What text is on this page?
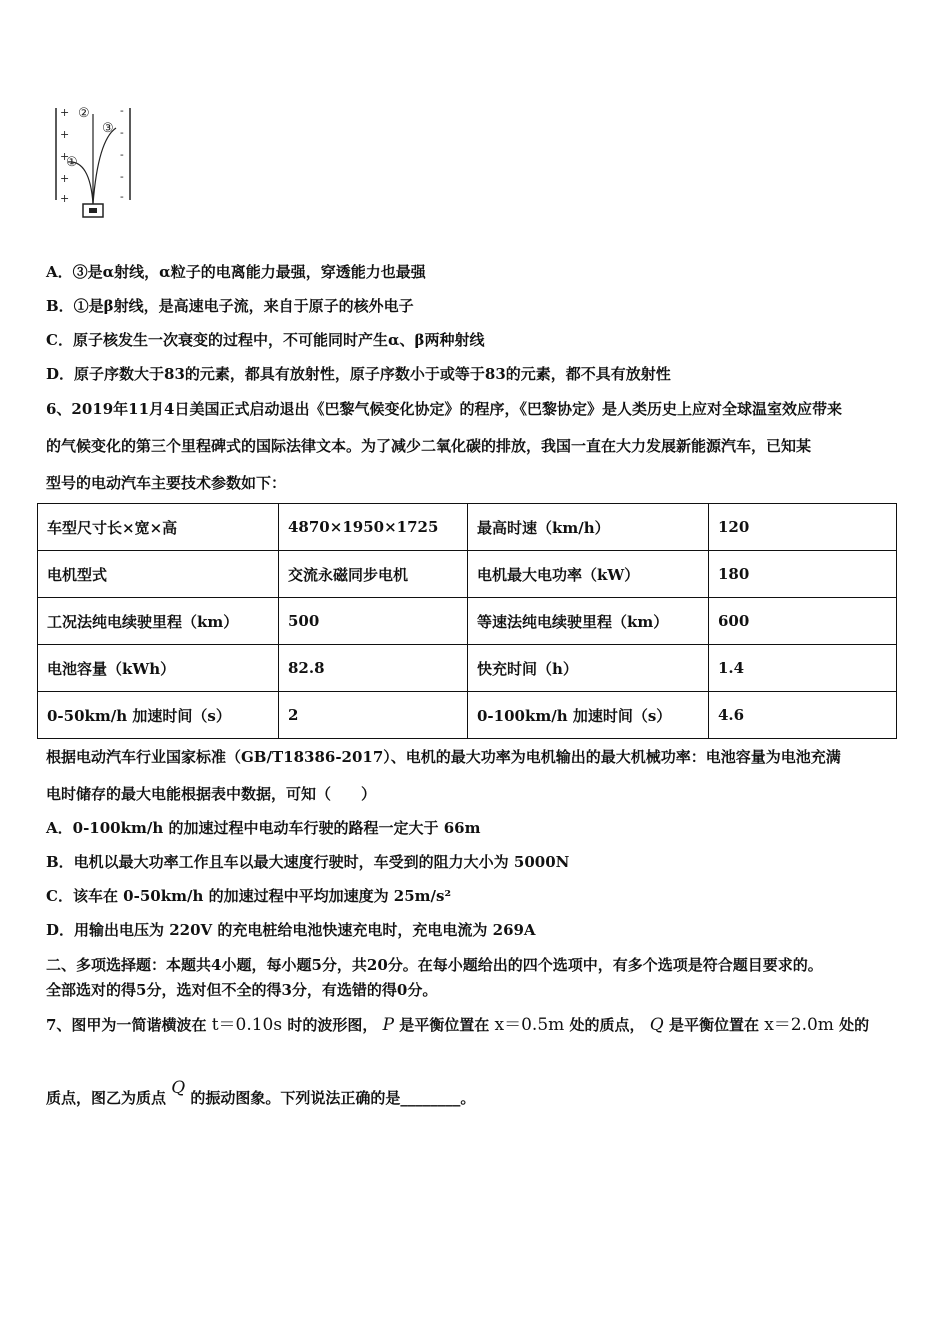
+
+
+
+
+
-
-
-
-
-
②
③
①
A．③是α射线，α粒子的电离能力最强，穿透能力也最强
B．①是β射线，是高速电子流，来自于原子的核外电子
C．原子核发生一次衰变的过程中，不可能同时产生α、β两种射线
D．原子序数大于83的元素，都具有放射性，原子序数小于或等于83的元素，都不具有放射性
6、2019年11月4日美国正式启动退出《巴黎气候变化协定》的程序，《巴黎协定》是人类历史上应对全球温室效应带来
的气候变化的第三个里程碑式的国际法律文本。为了减少二氧化碳的排放，我国一直在大力发展新能源汽车，已知某
型号的电动汽车主要技术参数如下：
车型尺寸长×宽×高	4870×1950×1725	最高时速（km/h）	120
电机型式	交流永磁同步电机	电机最大电功率（kW）	180
工况法纯电续驶里程（km）	500	等速法纯电续驶里程（km）	600
电池容量（kWh）	82.8	快充时间（h）	1.4
0-50km/h 加速时间（s）	2	0-100km/h 加速时间（s）	4.6
根据电动汽车行业国家标准（GB/T18386-2017）、电机的最大功率为电机输出的最大机械功率：电池容量为电池充满
电时储存的最大电能根据表中数据，可知（　　）
A．0-100km/h 的加速过程中电动车行驶的路程一定大于 66m
B．电机以最大功率工作且车以最大速度行驶时，车受到的阻力大小为 5000N
C．该车在 0-50km/h 的加速过程中平均加速度为 25m/s²
D．用输出电压为 220V 的充电桩给电池快速充电时，充电电流为 269A
二、多项选择题：本题共4小题，每小题5分，共20分。在每小题给出的四个选项中，有多个选项是符合题目要求的。
全部选对的得5分，选对但不全的得3分，有选错的得0分。
7、图甲为一简谐横波在 t＝0.10s 时的波形图， P 是平衡位置在 x＝0.5m 处的质点， Q 是平衡位置在 x＝2.0m 处的
质点，图乙为质点 Q 的振动图象。下列说法正确的是________。
